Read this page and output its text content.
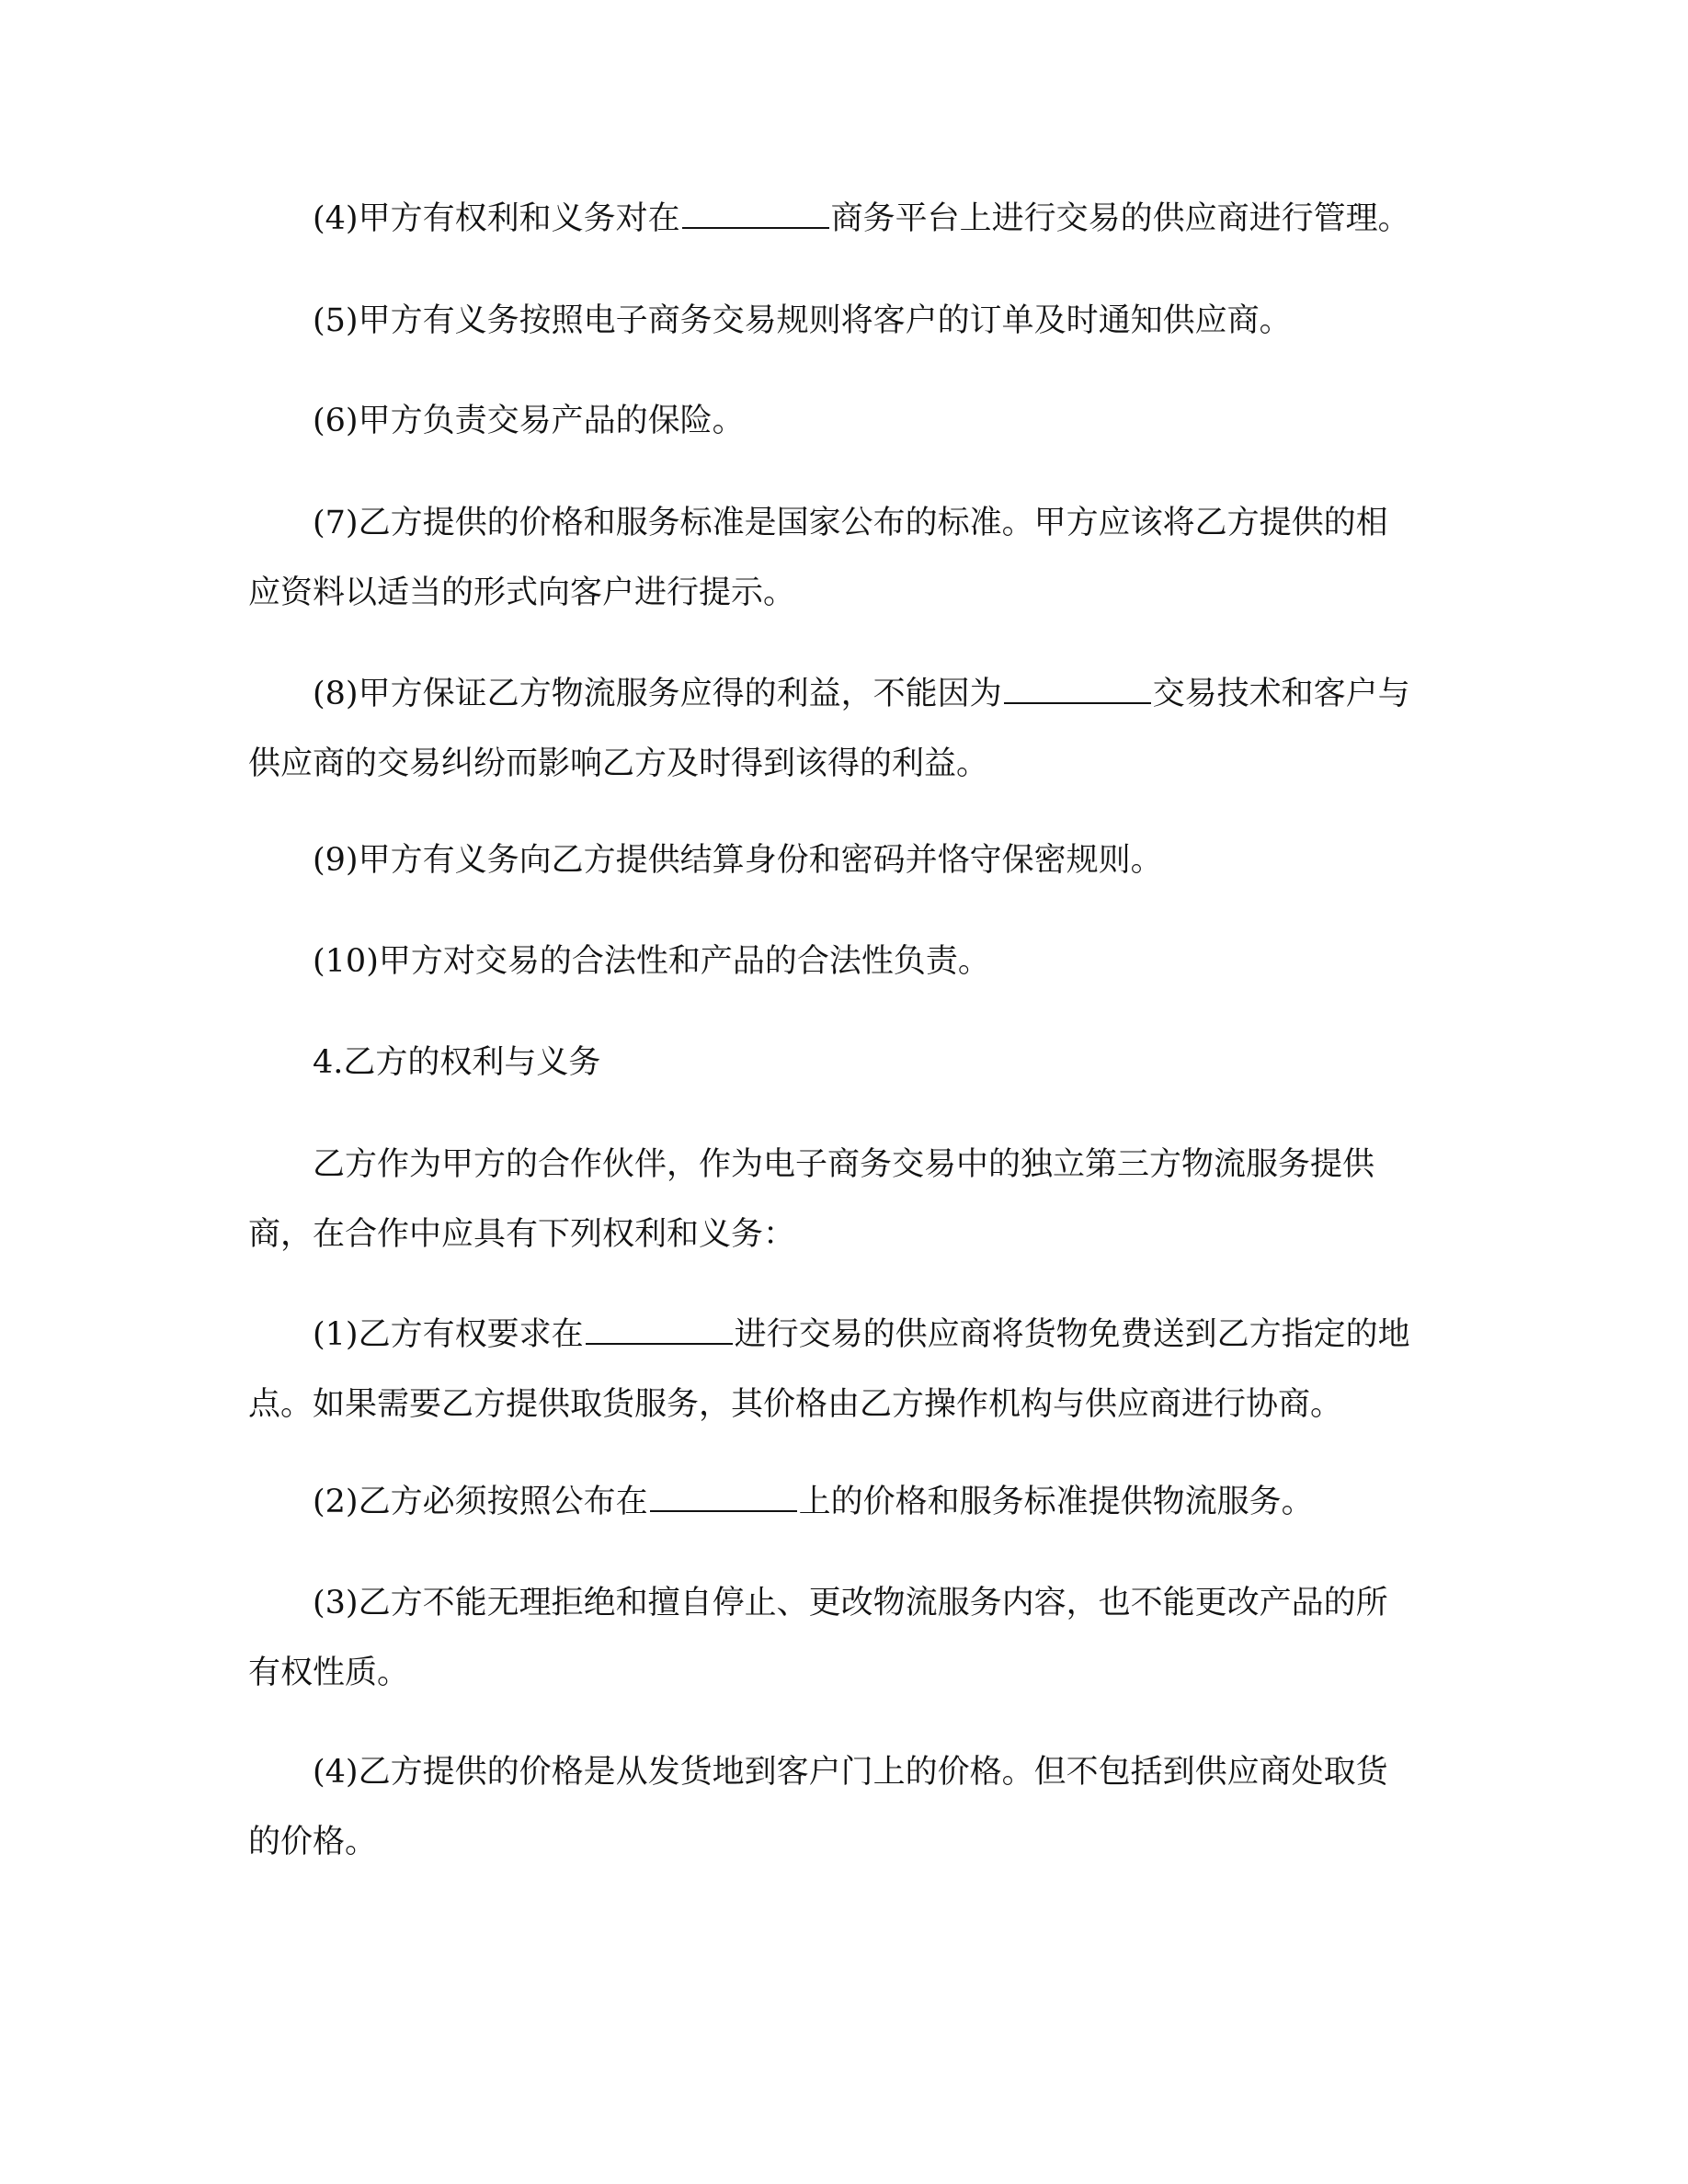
(4)甲方有权利和义务对在	商务平台上进行交易的供应商进行管理。
(5)甲方有义务按照电子商务交易规则将客户的订单及时通知供应商。
(6)甲方负责交易产品的保险。
(7)乙方提供的价格和服务标准是国家公布的标准。甲方应该将乙方提供的相
应资料以适当的形式向客户进行提示。
(8)甲方保证乙方物流服务应得的利益，不能因为	交易技术和客户与
供应商的交易纠纷而影响乙方及时得到该得的利益。
(9)甲方有义务向乙方提供结算身份和密码并恪守保密规则。
(10)甲方对交易的合法性和产品的合法性负责。
4.乙方的权利与义务
乙方作为甲方的合作伙伴，作为电子商务交易中的独立第三方物流服务提供
商，在合作中应具有下列权利和义务：
(1)乙方有权要求在	进行交易的供应商将货物免费送到乙方指定的地
点。如果需要乙方提供取货服务，其价格由乙方操作机构与供应商进行协商。
(2)乙方必须按照公布在	上的价格和服务标准提供物流服务。
(3)乙方不能无理拒绝和擅自停止、更改物流服务内容，也不能更改产品的所
有权性质。
(4)乙方提供的价格是从发货地到客户门上的价格。但不包括到供应商处取货
的价格。
